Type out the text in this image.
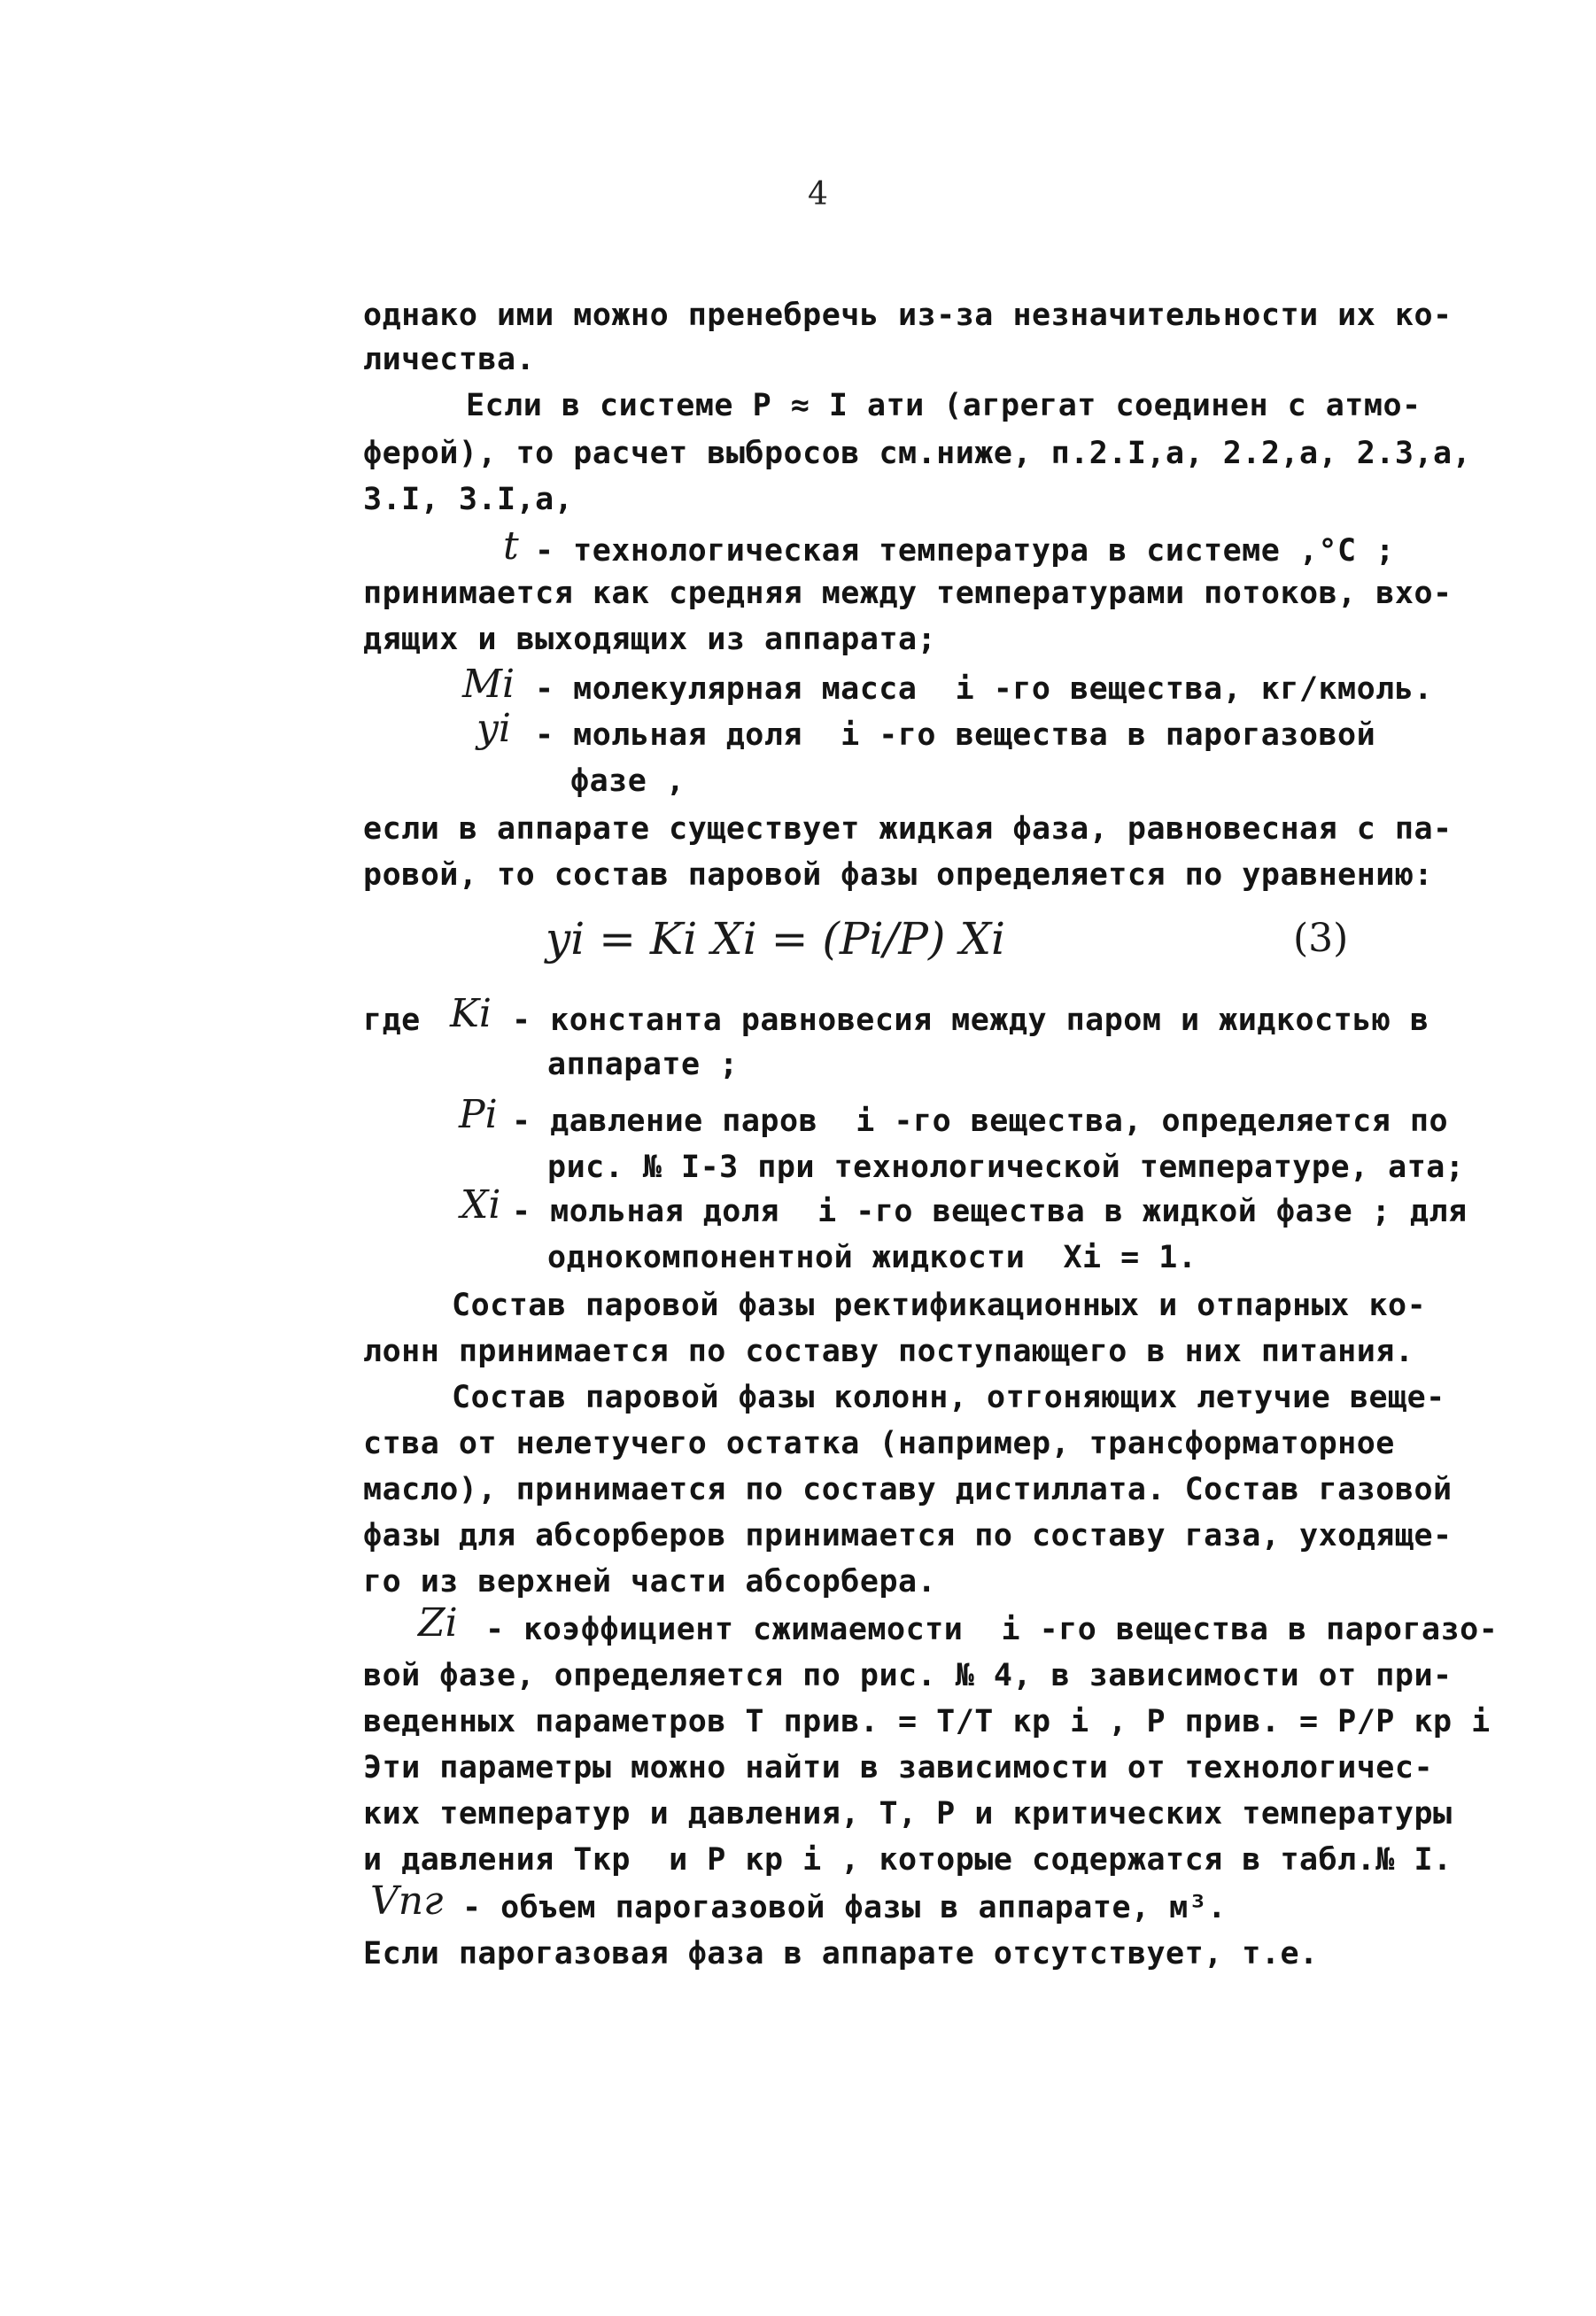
4
однако ими можно пренебречь из-за незначительности их ко-
личества.
Если в системе Р ≈ I ати (агрегат соединен с атмо-
ферой), то расчет выбросов см.ниже, п.2.I,а, 2.2,а, 2.3,а,
3.I, 3.I,а,
t - технологическая температура в системе ,°С ;
принимается как средняя между температурами потоков, вхо-
дящих и выходящих из аппарата;
Mi - молекулярная масса  i -го вещества, кг/кмоль.
yi - мольная доля  i -го вещества в парогазовой
фазе ,
если в аппарате существует жидкая фаза, равновесная с па-
ровой, то состав паровой фазы определяется по уравнению:
yi = Ki Xi = (Pi/P) Xi	(3)
где Ki - константа равновесия между паром и жидкостью в
аппарате ;
Pi - давление паров  i -го вещества, определяется по
рис. № I-3 при технологической температуре, ата;
Xi - мольная доля  i -го вещества в жидкой фазе ; для
однокомпонентной жидкости  Xi = 1.
Состав паровой фазы ректификационных и отпарных ко-
лонн принимается по составу поступающего в них питания.
Состав паровой фазы колонн, отгоняющих летучие веще-
ства от нелетучего остатка (например, трансформаторное
масло), принимается по составу дистиллата. Состав газовой
фазы для абсорберов принимается по составу газа, уходяще-
го из верхней части абсорбера.
Zi - коэффициент сжимаемости  i -го вещества в парогазо-
вой фазе, определяется по рис. № 4, в зависимости от при-
веденных параметров Т прив. = Т/Т кр i , Р прив. = Р/Р кр i
Эти параметры можно найти в зависимости от технологичес-
ких температур и давления, Т, Р и критических температуры
и давления Ткр  и Р кр i , которые содержатся в табл.№ I.
Vпг - объем парогазовой фазы в аппарате, м³.
Если парогазовая фаза в аппарате отсутствует, т.е.
